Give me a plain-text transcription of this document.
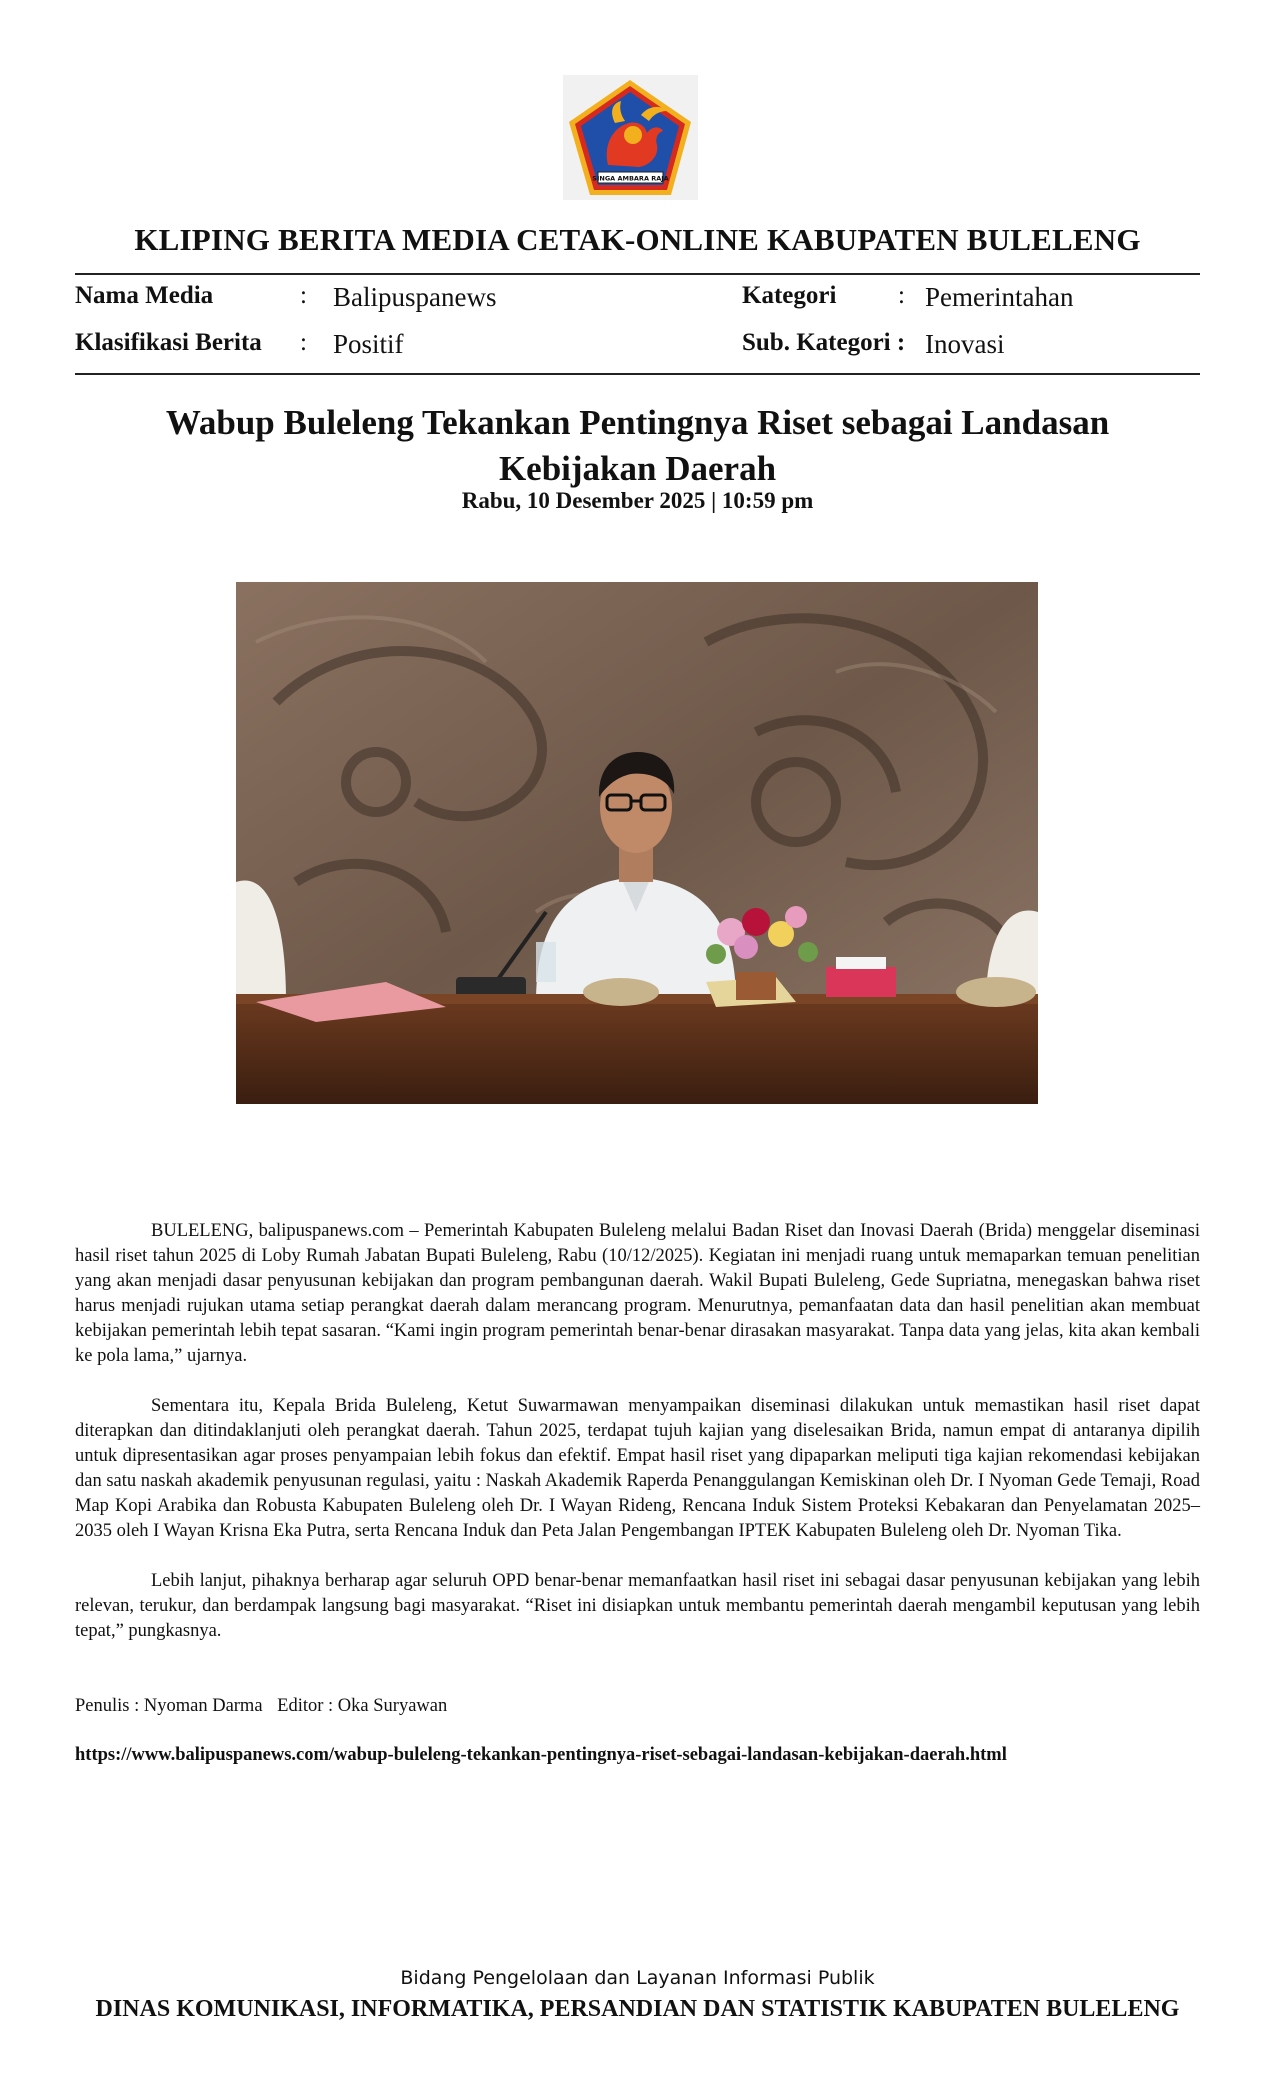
SINGA AMBARA RAJA
KLIPING BERITA MEDIA CETAK-ONLINE KABUPATEN BULELENG
Nama Media	: Balipuspanews
Klasifikasi Berita : Positif
Kategori : Pemerintahan
Sub. Kategori : Inovasi
Wabup Buleleng Tekankan Pentingnya Riset sebagai Landasan
Kebijakan Daerah
Rabu, 10 Desember 2025 | 10:59 pm

BULELENG, balipuspanews.com – Pemerintah Kabupaten Buleleng melalui Badan Riset dan Inovasi Daerah (Brida) menggelar diseminasi hasil riset tahun 2025 di Loby Rumah Jabatan Bupati Buleleng, Rabu (10/12/2025). Kegiatan ini menjadi ruang untuk memaparkan temuan penelitian yang akan menjadi dasar penyusunan kebijakan dan program pembangunan daerah. Wakil Bupati Buleleng, Gede Supriatna, menegaskan bahwa riset harus menjadi rujukan utama setiap perangkat daerah dalam merancang program. Menurutnya, pemanfaatan data dan hasil penelitian akan membuat kebijakan pemerintah lebih tepat sasaran. “Kami ingin program pemerintah benar-benar dirasakan masyarakat. Tanpa data yang jelas, kita akan kembali ke pola lama,” ujarnya.

Sementara itu, Kepala Brida Buleleng, Ketut Suwarmawan menyampaikan diseminasi dilakukan untuk memastikan hasil riset dapat diterapkan dan ditindaklanjuti oleh perangkat daerah. Tahun 2025, terdapat tujuh kajian yang diselesaikan Brida, namun empat di antaranya dipilih untuk dipresentasikan agar proses penyampaian lebih fokus dan efektif. Empat hasil riset yang dipaparkan meliputi tiga kajian rekomendasi kebijakan dan satu naskah akademik penyusunan regulasi, yaitu : Naskah Akademik Raperda Penanggulangan Kemiskinan oleh Dr. I Nyoman Gede Temaji, Road Map Kopi Arabika dan Robusta Kabupaten Buleleng oleh Dr. I Wayan Rideng, Rencana Induk Sistem Proteksi Kebakaran dan Penyelamatan 2025–2035 oleh I Wayan Krisna Eka Putra, serta Rencana Induk dan Peta Jalan Pengembangan IPTEK Kabupaten Buleleng oleh Dr. Nyoman Tika.

Lebih lanjut, pihaknya berharap agar seluruh OPD benar-benar memanfaatkan hasil riset ini sebagai dasar penyusunan kebijakan yang lebih relevan, terukur, dan berdampak langsung bagi masyarakat. “Riset ini disiapkan untuk membantu pemerintah daerah mengambil keputusan yang lebih tepat,” pungkasnya.

Penulis : Nyoman Darma Editor : Oka Suryawan
https://www.balipuspanews.com/wabup-buleleng-tekankan-pentingnya-riset-sebagai-landasan-kebijakan-daerah.html
Bidang Pengelolaan dan Layanan Informasi Publik
DINAS KOMUNIKASI, INFORMATIKA, PERSANDIAN DAN STATISTIK KABUPATEN BULELENG
